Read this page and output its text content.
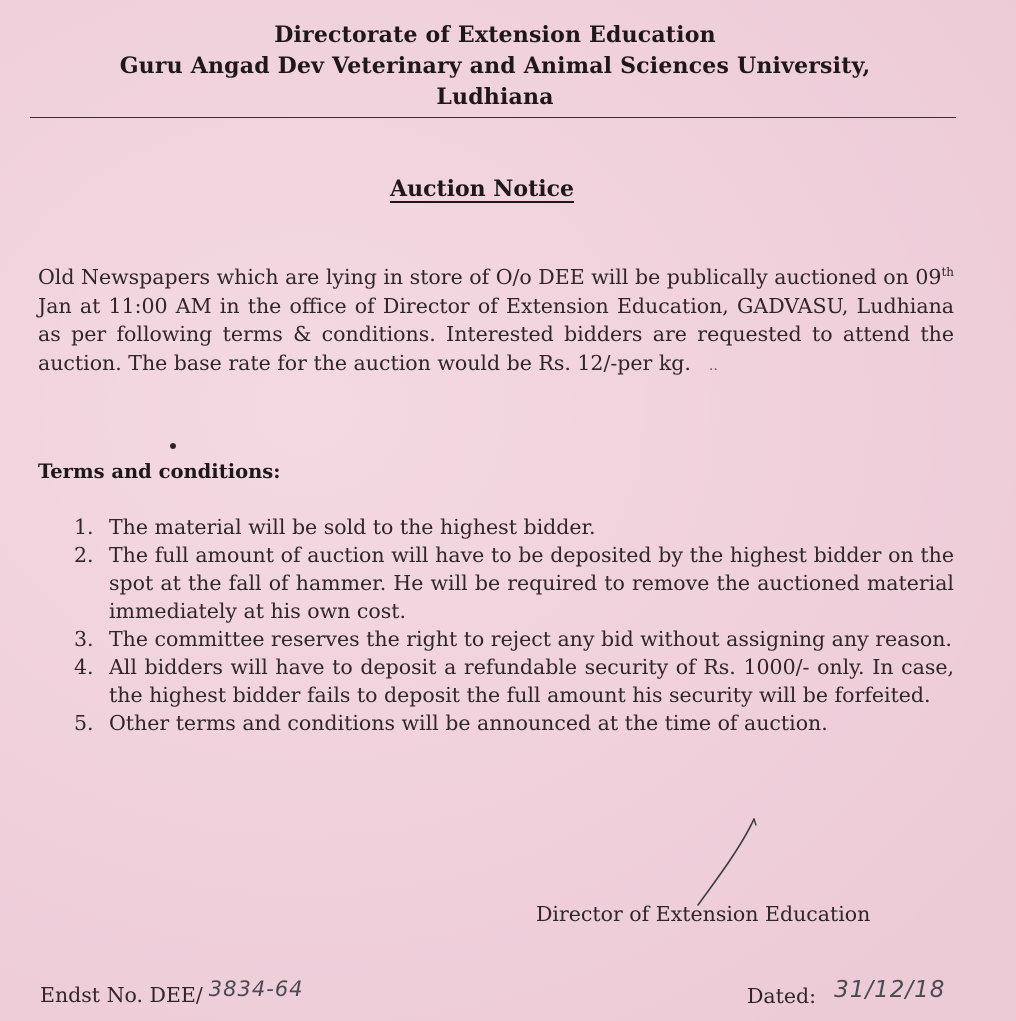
Directorate of Extension Education
Guru Angad Dev Veterinary and Animal Sciences University,
Ludhiana
Auction Notice
Old Newspapers which are lying in store of O/o DEE will be publically auctioned on 09th Jan at 11:00 AM in the office of Director of Extension Education, GADVASU, Ludhiana as per following terms & conditions. Interested bidders are requested to attend the auction. The base rate for the auction would be Rs. 12/-per kg. ..
Terms and conditions:
1. The material will be sold to the highest bidder.
2. The full amount of auction will have to be deposited by the highest bidder on the spot at the fall of hammer. He will be required to remove the auctioned material immediately at his own cost.
3. The committee reserves the right to reject any bid without assigning any reason.
4. All bidders will have to deposit a refundable security of Rs. 1000/- only. In case, the highest bidder fails to deposit the full amount his security will be forfeited.
5. Other terms and conditions will be announced at the time of auction.
Director of Extension Education
Endst No. DEE/ 3834-64	Dated: 31/12/18
